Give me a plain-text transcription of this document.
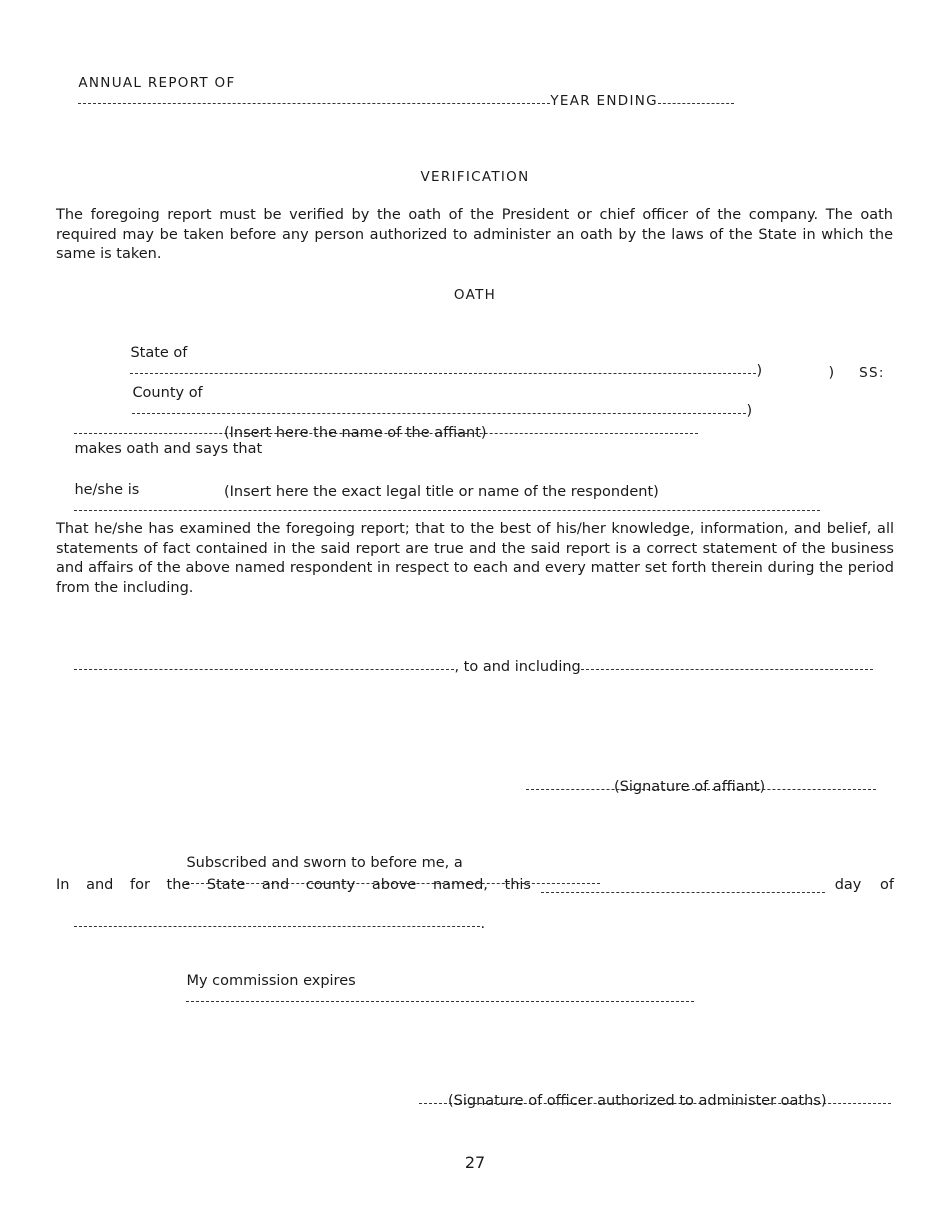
ANNUAL REPORT OF
YEAR ENDING

VERIFICATION
The foregoing report must be verified by the oath of the President or chief officer of the company. The oath required may be taken before any person authorized to administer an oath by the laws of the State in which the same is taken.
OATH

State of
)
	) SS:

County of
)

makes oath and says that

(Insert here the name of the affiant)

he/she is

	(Insert here the exact legal title or name of the respondent)
That he/she has examined the foregoing report; that to the best of his/her knowledge, information, and belief, all statements of fact contained in the said report are true and the said report is a correct statement of the business and affairs of the above named respondent in respect to each and every matter set forth therein during the period from the including.

, to and including

(Signature of affiant)

Subscribed and sworn to before me, a

In and for the State and county above named, this	day of

.

My commission expires

(Signature of officer authorized to administer oaths)
27
